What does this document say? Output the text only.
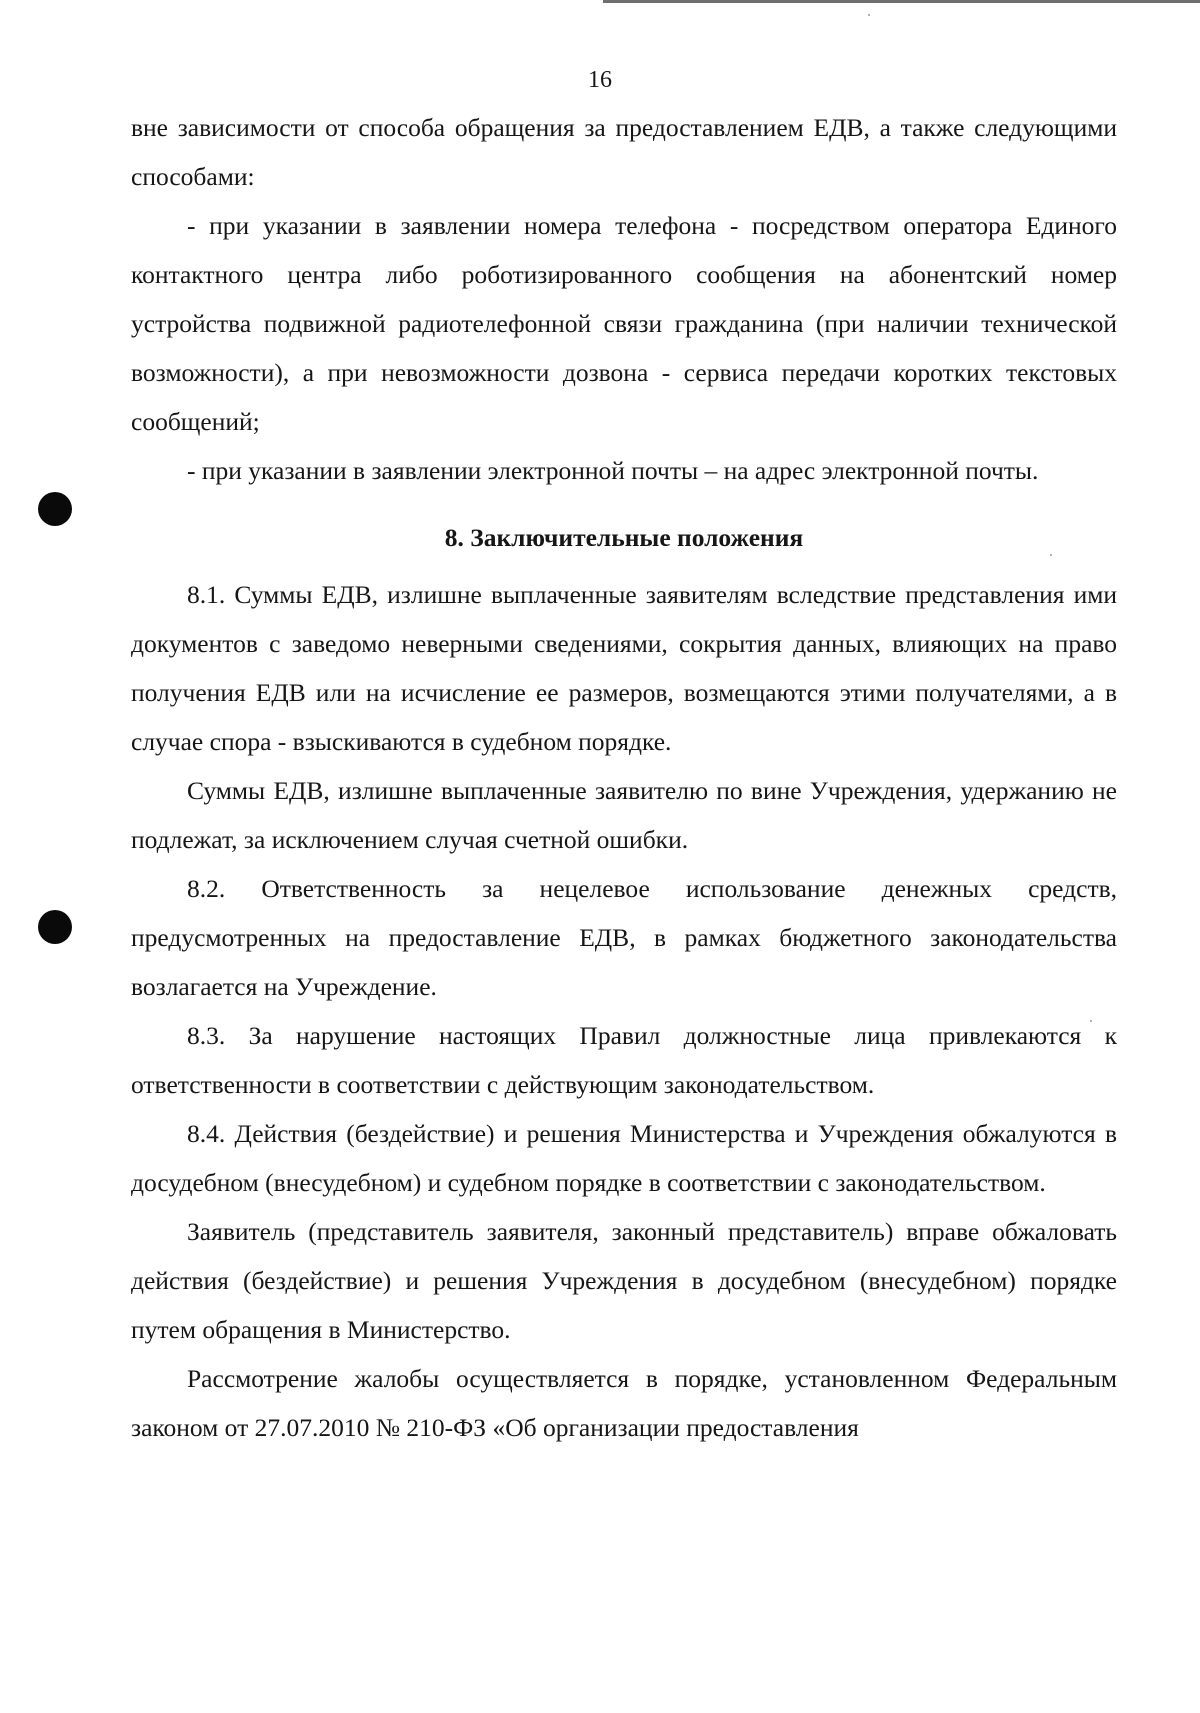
16

вне зависимости от способа обращения за предоставлением ЕДВ, а также следующими способами:

- при указании в заявлении номера телефона - посредством оператора Единого контактного центра либо роботизированного сообщения на абонентский номер устройства подвижной радиотелефонной связи гражданина (при наличии технической возможности), а при невозможности дозвона - сервиса передачи коротких текстовых сообщений;

- при указании в заявлении электронной почты – на адрес электронной почты.

8. Заключительные положения

8.1. Суммы ЕДВ, излишне выплаченные заявителям вследствие представления ими документов с заведомо неверными сведениями, сокрытия данных, влияющих на право получения ЕДВ или на исчисление ее размеров, возмещаются этими получателями, а в случае спора - взыскиваются в судебном порядке.

Суммы ЕДВ, излишне выплаченные заявителю по вине Учреждения, удержанию не подлежат, за исключением случая счетной ошибки.

8.2. Ответственность за нецелевое использование денежных средств, предусмотренных на предоставление ЕДВ, в рамках бюджетного законодательства возлагается на Учреждение.

8.3. За нарушение настоящих Правил должностные лица привлекаются к ответственности в соответствии с действующим законодательством.

8.4. Действия (бездействие) и решения Министерства и Учреждения обжалуются в досудебном (внесудебном) и судебном порядке в соответствии с законодательством.

Заявитель (представитель заявителя, законный представитель) вправе обжаловать действия (бездействие) и решения Учреждения в досудебном (внесудебном) порядке путем обращения в Министерство.

Рассмотрение жалобы осуществляется в порядке, установленном Федеральным законом от 27.07.2010 № 210-ФЗ «Об организации предоставления
